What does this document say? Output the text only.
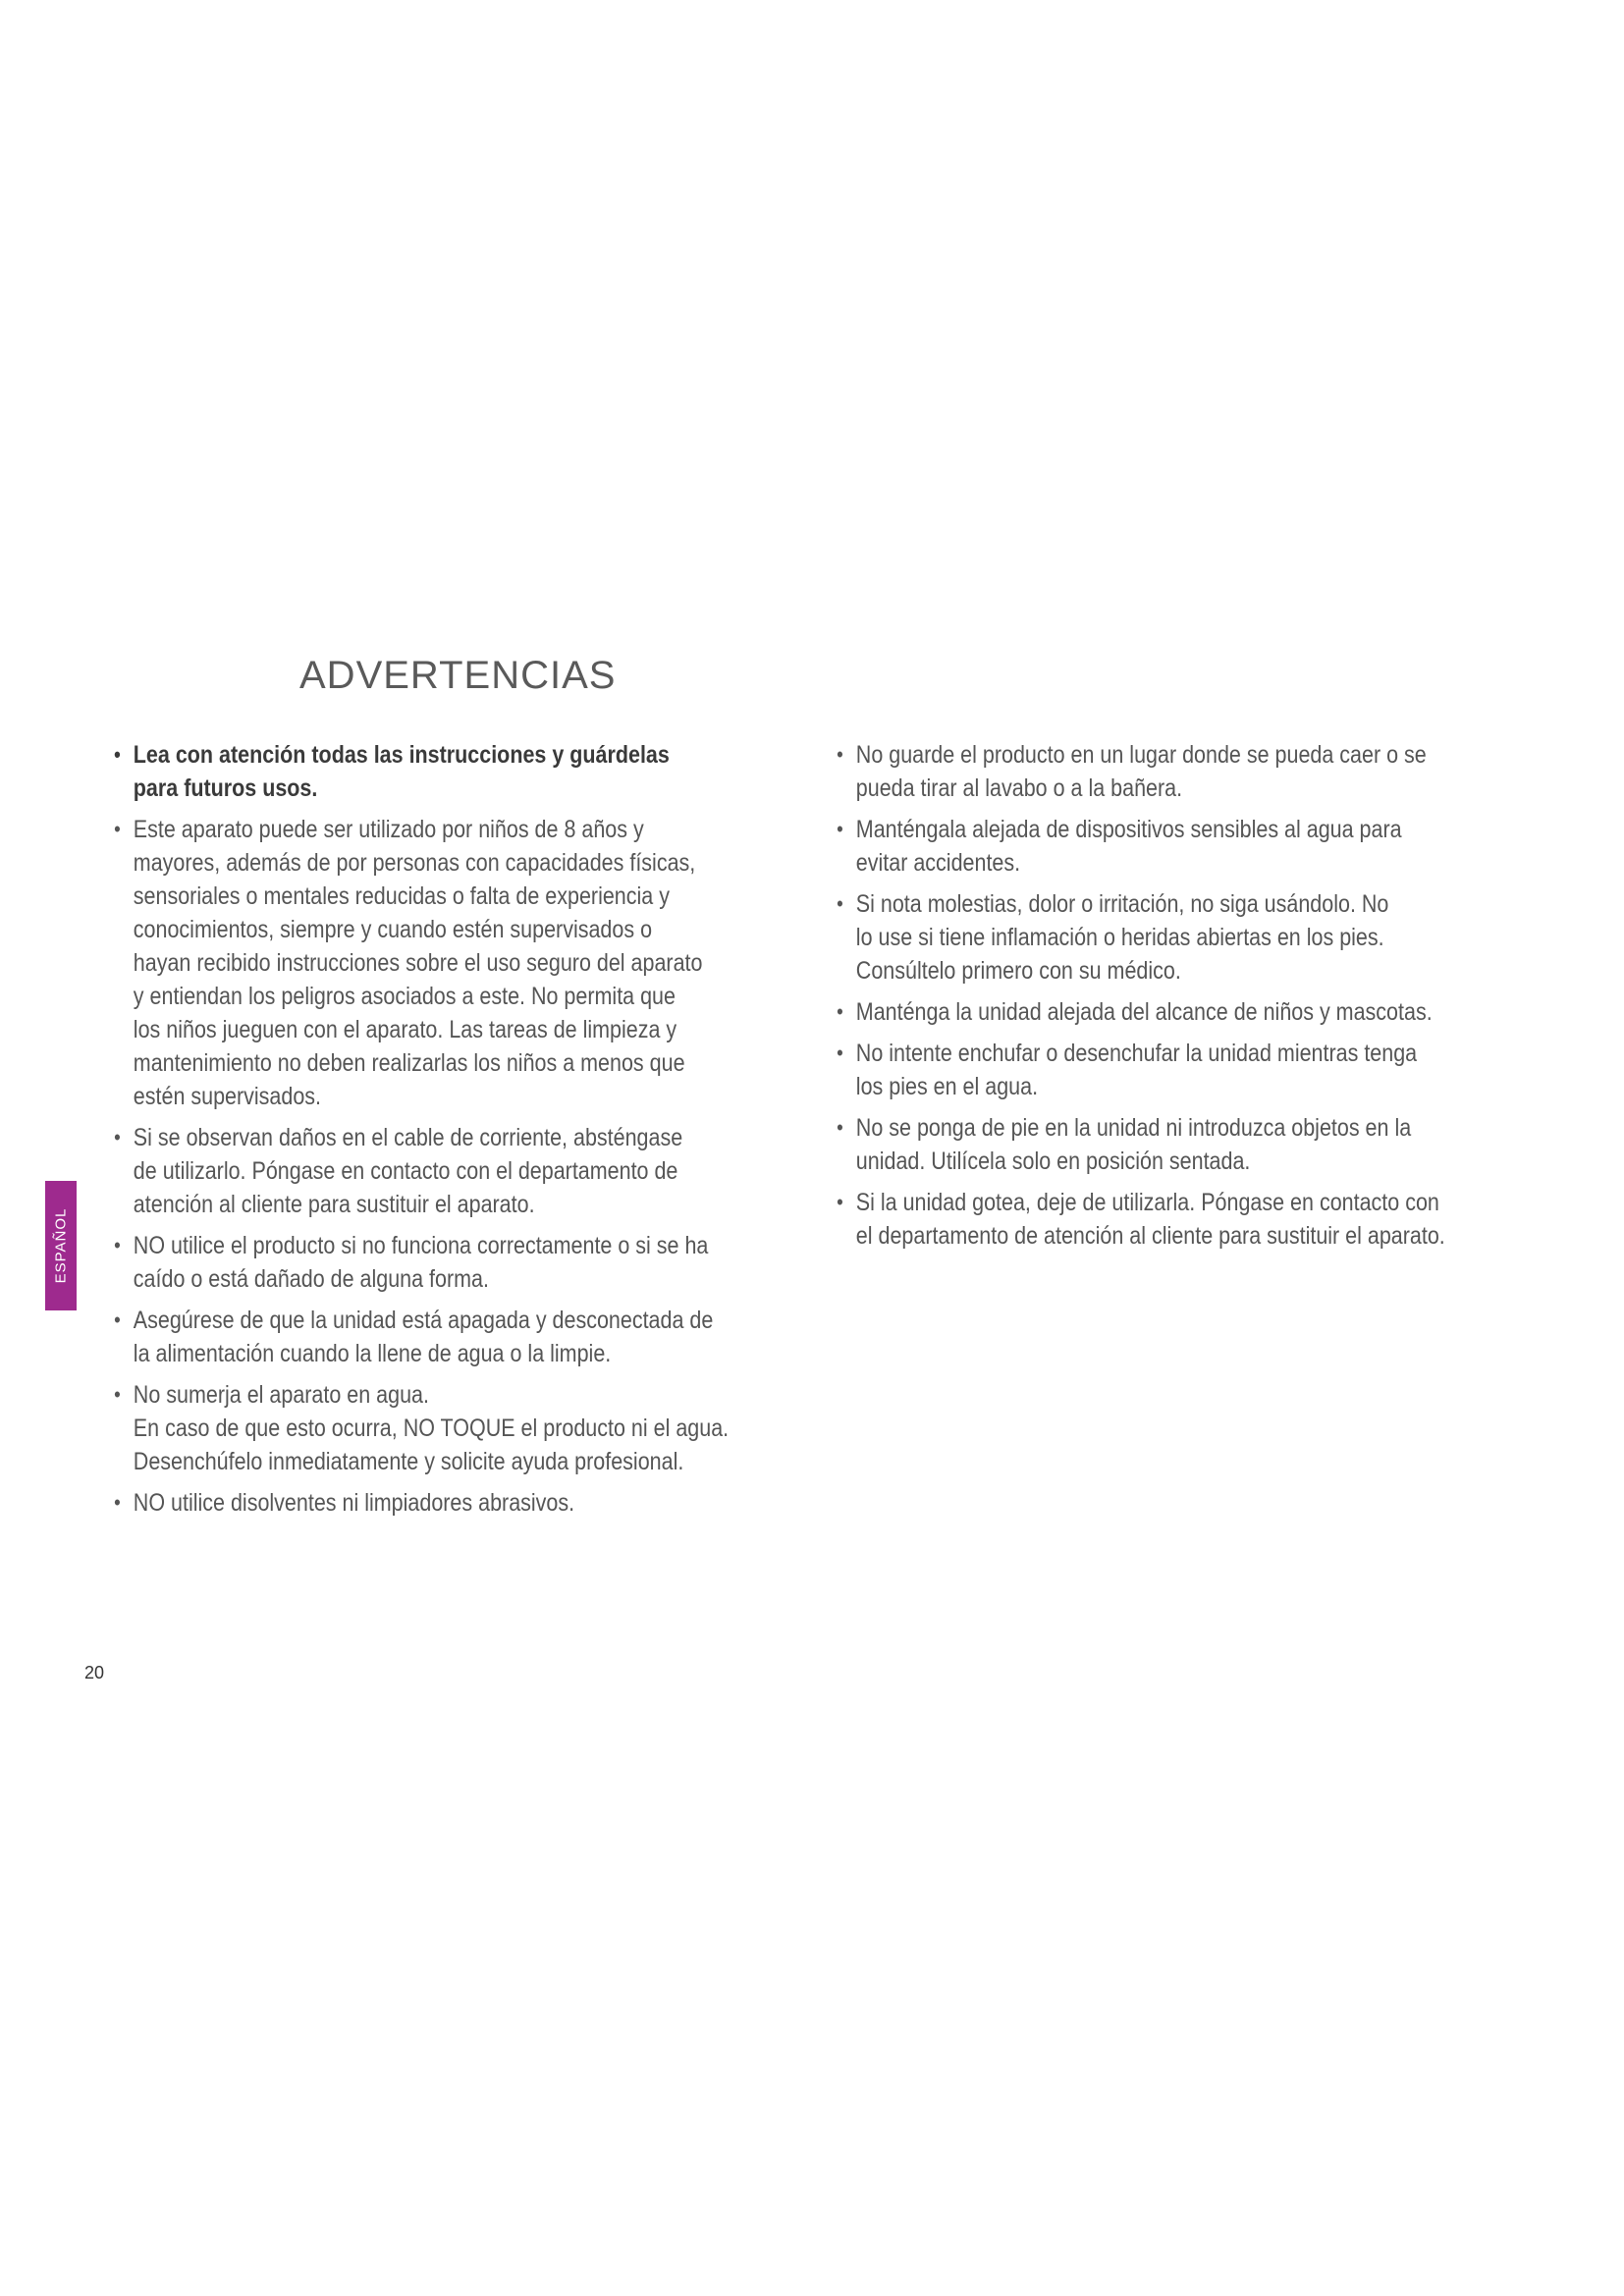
ADVERTENCIAS
• Lea con atención todas las instrucciones y guárdelas
para futuros usos.
• Este aparato puede ser utilizado por niños de 8 años y
mayores, además de por personas con capacidades físicas,
sensoriales o mentales reducidas o falta de experiencia y
conocimientos, siempre y cuando estén supervisados o
hayan recibido instrucciones sobre el uso seguro del aparato
y entiendan los peligros asociados a este. No permita que
los niños jueguen con el aparato. Las tareas de limpieza y
mantenimiento no deben realizarlas los niños a menos que
estén supervisados.
• Si se observan daños en el cable de corriente, absténgase
de utilizarlo. Póngase en contacto con el departamento de
atención al cliente para sustituir el aparato.
• NO utilice el producto si no funciona correctamente o si se ha
caído o está dañado de alguna forma.
• Asegúrese de que la unidad está apagada y desconectada de
la alimentación cuando la llene de agua o la limpie.
• No sumerja el aparato en agua.
En caso de que esto ocurra, NO TOQUE el producto ni el agua.
Desenchúfelo inmediatamente y solicite ayuda profesional.
• NO utilice disolventes ni limpiadores abrasivos.
• No guarde el producto en un lugar donde se pueda caer o se
pueda tirar al lavabo o a la bañera.
• Manténgala alejada de dispositivos sensibles al agua para
evitar accidentes.
• Si nota molestias, dolor o irritación, no siga usándolo. No
lo use si tiene inflamación o heridas abiertas en los pies.
Consúltelo primero con su médico.
• Manténga la unidad alejada del alcance de niños y mascotas.
• No intente enchufar o desenchufar la unidad mientras tenga
los pies en el agua.
• No se ponga de pie en la unidad ni introduzca objetos en la
unidad. Utilícela solo en posición sentada.
• Si la unidad gotea, deje de utilizarla. Póngase en contacto con
el departamento de atención al cliente para sustituir el aparato.
ESPAÑOL
20
